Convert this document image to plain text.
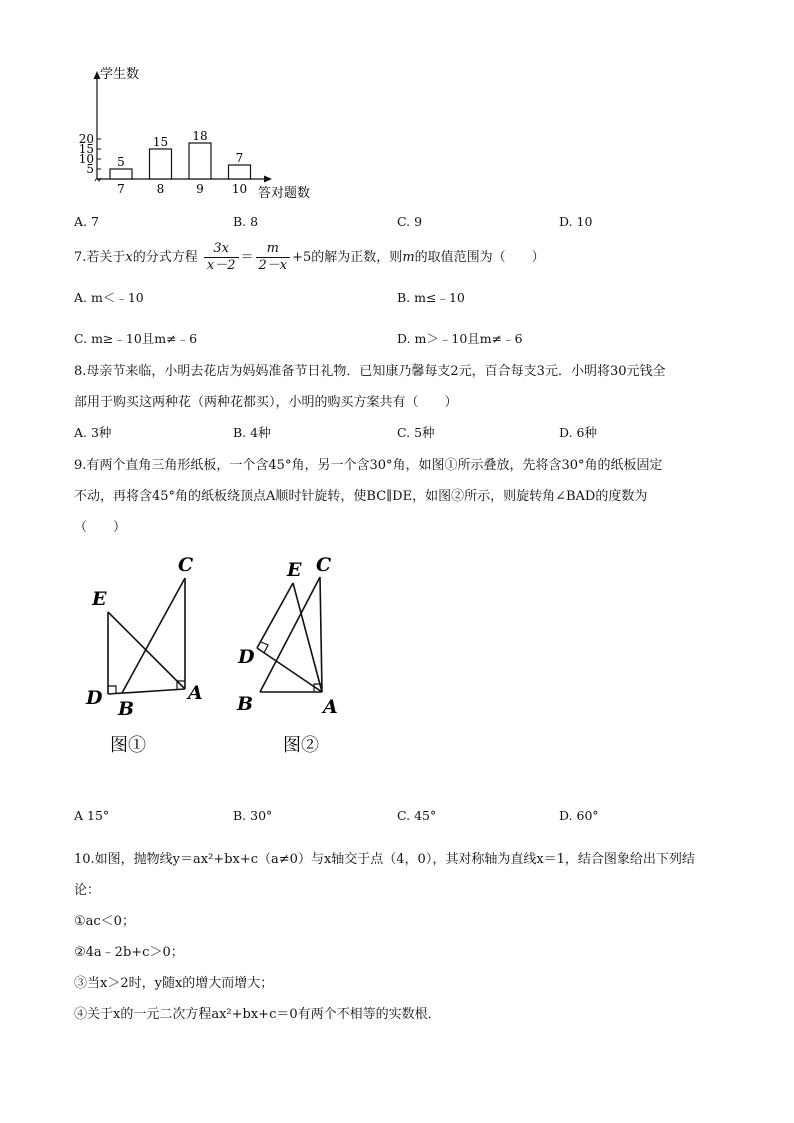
学生数
答对题数
5
10
15
20
5
7
15
8
18
9
7
10
A. 7	B. 8	C. 9	D. 10
7.若关于x的分式方程 $\frac{3x}{x-2} = \frac{m}{2-x} +5$的解为正数，则m的取值范围为（　　）
A. m＜﹣10	B. m≤﹣10
C. m≥﹣10且m≠﹣6	D. m＞﹣10且m≠﹣6
8.母亲节来临，小明去花店为妈妈准备节日礼物．已知康乃馨每支2元，百合每支3元．小明将30元钱全
部用于购买这两种花（两种花都买），小明的购买方案共有（　　）
A. 3种	B. 4种	C. 5种	D. 6种
9.有两个直角三角形纸板，一个含45°角，另一个含30°角，如图①所示叠放，先将含30°角的纸板固定
不动，再将含45°角的纸板绕顶点A顺时针旋转，使BC∥DE，如图②所示，则旋转角∠BAD的度数为
（　　）
C
E
D B
A
图①
C
E
D
B	A
图②
A 15°	B. 30°	C. 45°	D. 60°
10.如图，抛物线y＝ax²+bx+c（a≠0）与x轴交于点（4，0），其对称轴为直线x＝1，结合图象给出下列结
论：
①ac＜0；
②4a﹣2b+c＞0；
③当x＞2时，y随x的增大而增大；
④关于x的一元二次方程ax²+bx+c＝0有两个不相等的实数根．
